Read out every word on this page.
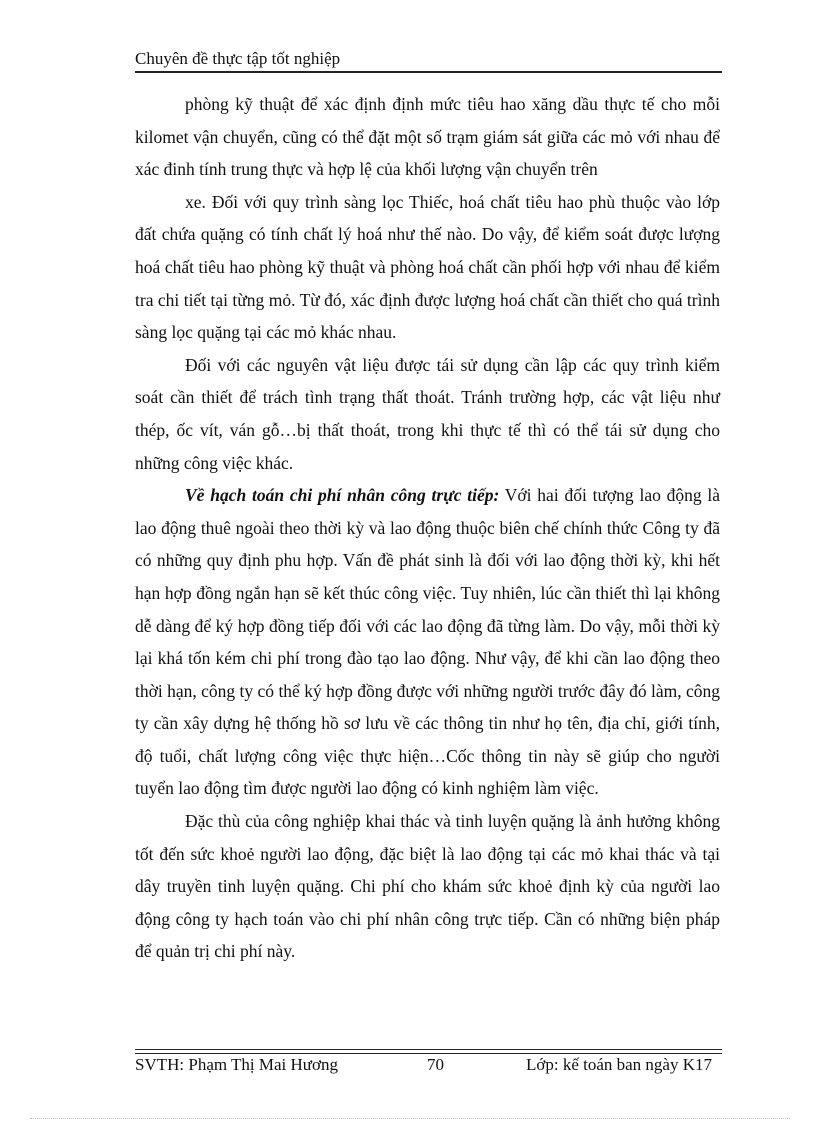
Chuyên đề thực tập tốt nghiệp

phòng kỹ thuật để xác định định mức tiêu hao xăng dầu thực tế cho mỗi kilomet vận chuyển, cũng có thể đặt một số trạm giám sát giữa các mỏ với nhau để xác đinh tính trung thực và hợp lệ của khối lượng vận chuyển trên

xe. Đối với quy trình sàng lọc Thiếc, hoá chất tiêu hao phù thuộc vào lớp đất chứa quặng có tính chất lý hoá như thế nào. Do vậy, để kiểm soát được lượng hoá chất tiêu hao phòng kỹ thuật và phòng hoá chất cần phối hợp với nhau để kiểm tra chi tiết tại từng mỏ. Từ đó, xác định được lượng hoá chất cần thiết cho quá trình sàng lọc quặng tại các mỏ khác nhau.

Đối với các nguyên vật liệu được tái sử dụng cần lập các quy trình kiểm soát cần thiết để trách tình trạng thất thoát. Tránh trường hợp, các vật liệu như thép, ốc vít, ván gỗ…bị thất thoát, trong khi thực tế thì có thể tái sử dụng cho những công việc khác.

Về hạch toán chi phí nhân công trực tiếp: Với hai đối tượng lao động là lao động thuê ngoài theo thời kỳ và lao động thuộc biên chế chính thức Công ty đã có những quy định phu hợp. Vấn đề phát sinh là đối với lao động thời kỳ, khi hết hạn hợp đồng ngắn hạn sẽ kết thúc công việc. Tuy nhiên, lúc cần thiết thì lại không dễ dàng để ký hợp đồng tiếp đối với các lao động đã từng làm. Do vậy, mỗi thời kỳ lại khá tốn kém chi phí trong đào tạo lao động. Như vậy, để khi cần lao động theo thời hạn, công ty có thể ký hợp đồng được với những người trước đây đó làm, công ty cần xây dựng hệ thống hồ sơ lưu về các thông tin như họ tên, địa chỉ, giới tính, độ tuổi, chất lượng công việc thực hiện…Cốc thông tin này sẽ giúp cho người tuyển lao động tìm được người lao động có kinh nghiệm làm việc.

Đặc thù của công nghiệp khai thác và tinh luyện quặng là ảnh hưởng không tốt đến sức khoẻ người lao động, đặc biệt là lao động tại các mỏ khai thác và tại dây truyền tinh luyện quặng. Chi phí cho khám sức khoẻ định kỳ của người lao động công ty hạch toán vào chi phí nhân công trực tiếp. Cần có những biện pháp để quản trị chi phí này.

SVTH: Phạm Thị Mai Hương	70	Lớp: kế toán ban ngày K17
